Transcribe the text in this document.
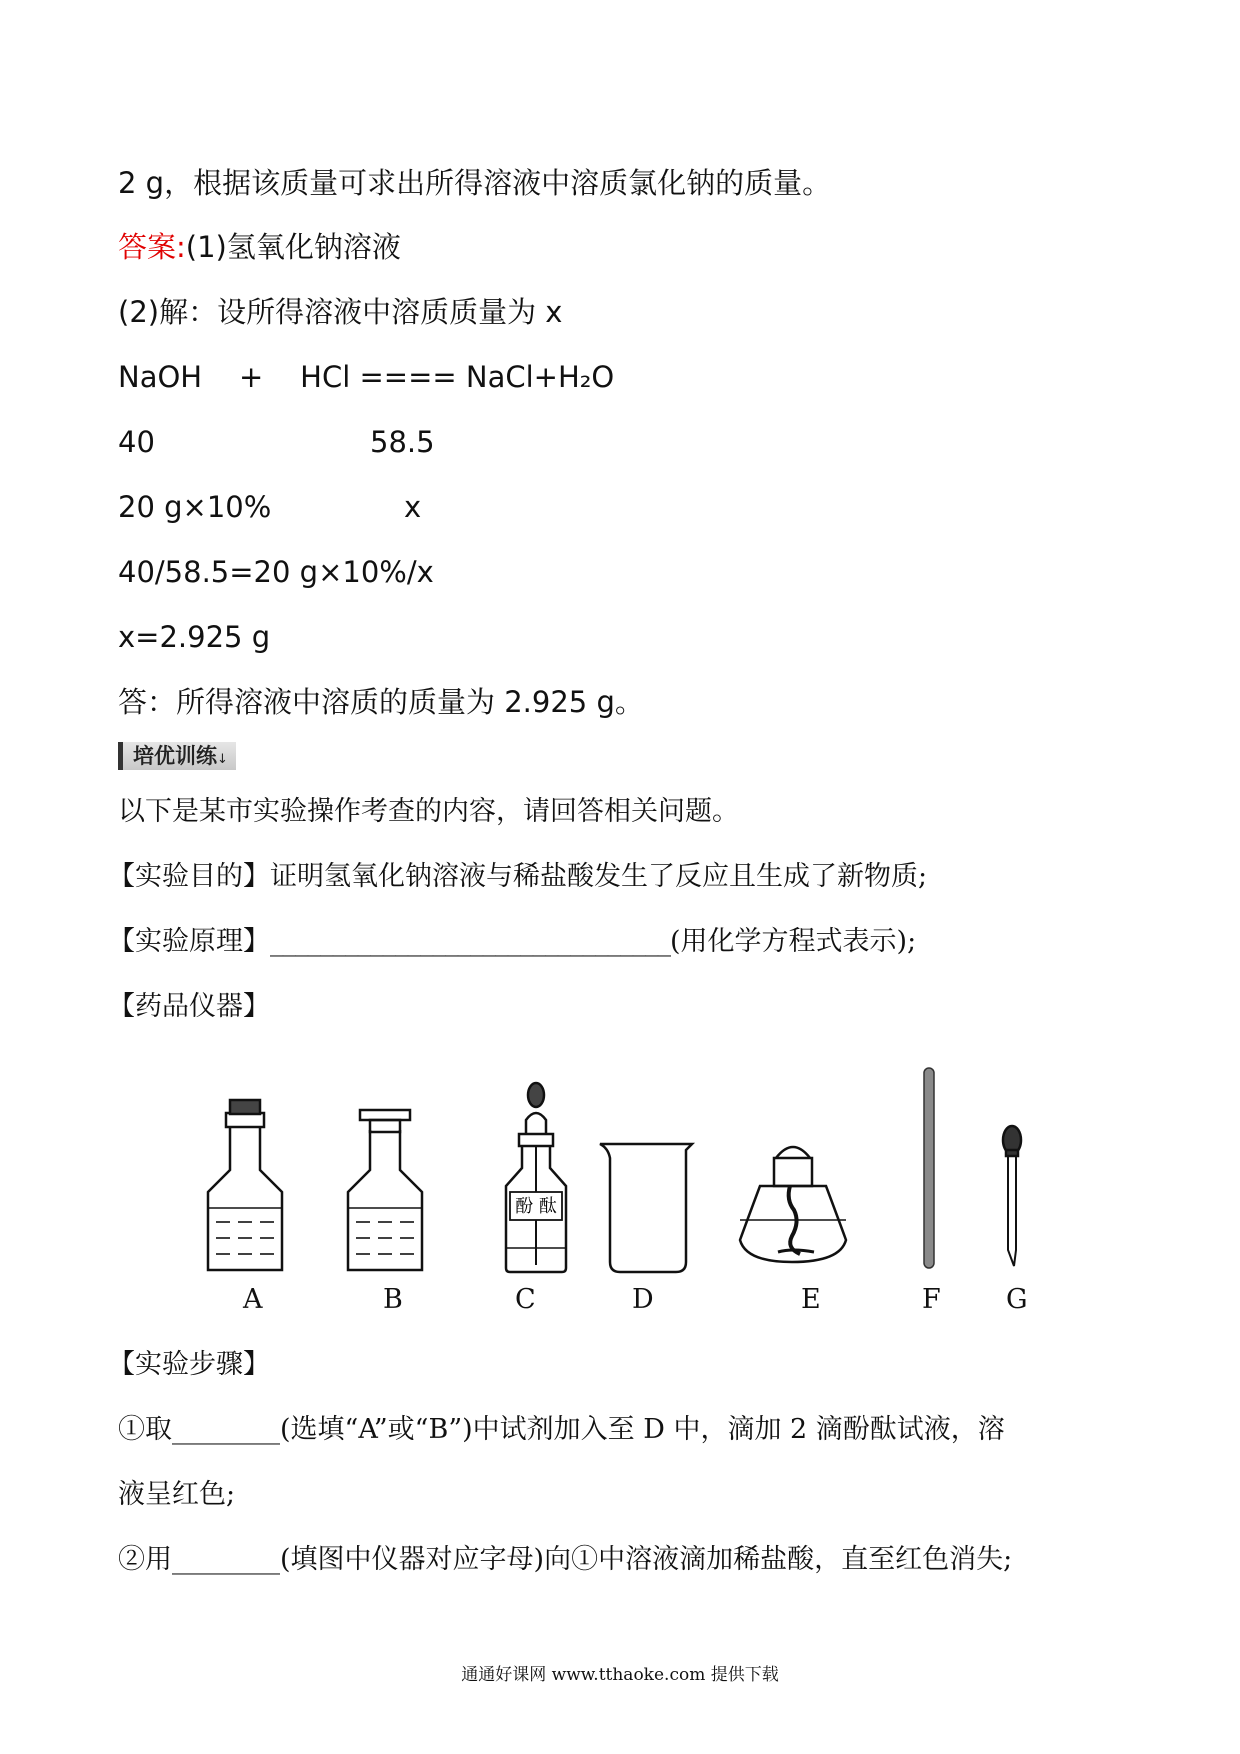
2 g，根据该质量可求出所得溶液中溶质氯化钠的质量。
答案:(1)氢氧化钠溶液
(2)解：设所得溶液中溶质质量为 x
NaOH    +    HCl ==== NaCl+H₂O
40	58.5
20 g×10%	x
40/58.5=20 g×10%/x
x=2.925 g
答：所得溶液中溶质的质量为 2.925 g。
培优训练↓
以下是某市实验操作考查的内容，请回答相关问题。
【实验目的】证明氢氧化钠溶液与稀盐酸发生了反应且生成了新物质;
【实验原理】________________________________(用化学方程式表示);
【药品仪器】
酚 酞
A	B	C	D	E	F G
【实验步骤】
①取________(选填“A”或“B”)中试剂加入至 D 中，滴加 2 滴酚酞试液，溶
液呈红色;
②用________(填图中仪器对应字母)向①中溶液滴加稀盐酸，直至红色消失;
通通好课网 www.tthaoke.com 提供下载
